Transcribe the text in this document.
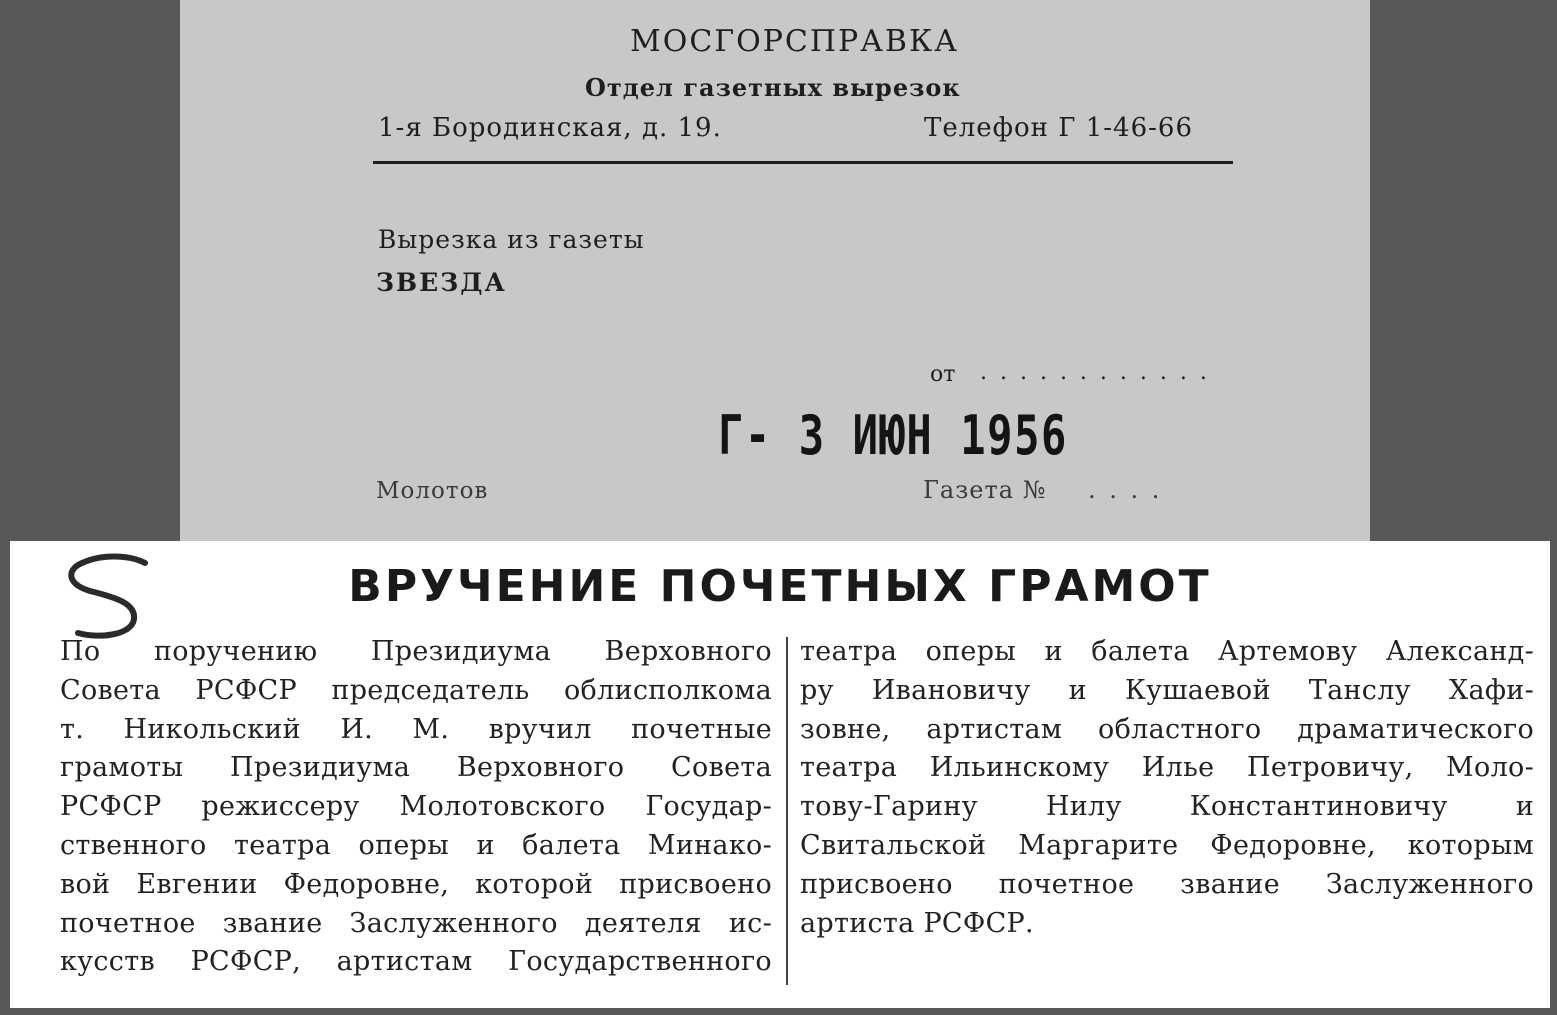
МОСГОРСПРАВКА
Отдел газетных вырезок
1-я Бородинская, д. 19.	Телефон Г 1-46-66
Вырезка из газеты
ЗВЕЗДА
от . . . . . . . . . . . .
Г- 3 ИЮН 1956
Молотов	Газета № . . . .
ВРУЧЕНИЕ ПОЧЕТНЫХ ГРАМОТ
По поручению Президиума Верховного
Совета РСФСР председатель облисполкома
т. Никольский И. М. вручил почетные
грамоты Президиума Верховного Совета
РСФСР режиссеру Молотовского Государ-
ственного театра оперы и балета Минако-
вой Евгении Федоровне, которой присвоено
почетное звание Заслуженного деятеля ис-
кусств РСФСР, артистам Государственного
театра оперы и балета Артемову Александ-
ру Ивановичу и Кушаевой Танслу Хафи-
зовне, артистам областного драматического
театра Ильинскому Илье Петровичу, Моло-
тову-Гарину Нилу Константиновичу и
Свитальской Маргарите Федоровне, которым
присвоено почетное звание Заслуженного
артиста РСФСР.
